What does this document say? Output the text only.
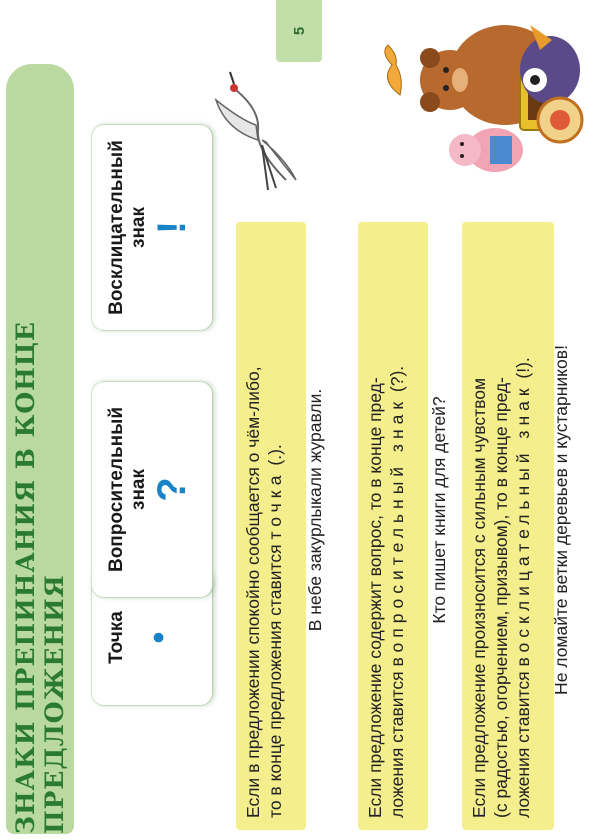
ЗНАКИ ПРЕПИНАНИЯ В КОНЦЕ ПРЕДЛОЖЕНИЯ
5
Точка •
Вопросительный знак ?
Восклицательный знак !

Если в предложении спокойно сообщается о чём-либо, то в конце предложения ставится точка (.). В небе закурлыкали журавли. Если предложение содержит вопрос, то в конце пред- ложения ставится вопросительный знак (?).

Кто пишет книги для детей? Если предложение произносится с сильным чувством (с радостью, огорчением, призывом), то в конце пред- ложения ставится восклицательный знак (!). Не ломайте ветки деревьев и кустарников!
